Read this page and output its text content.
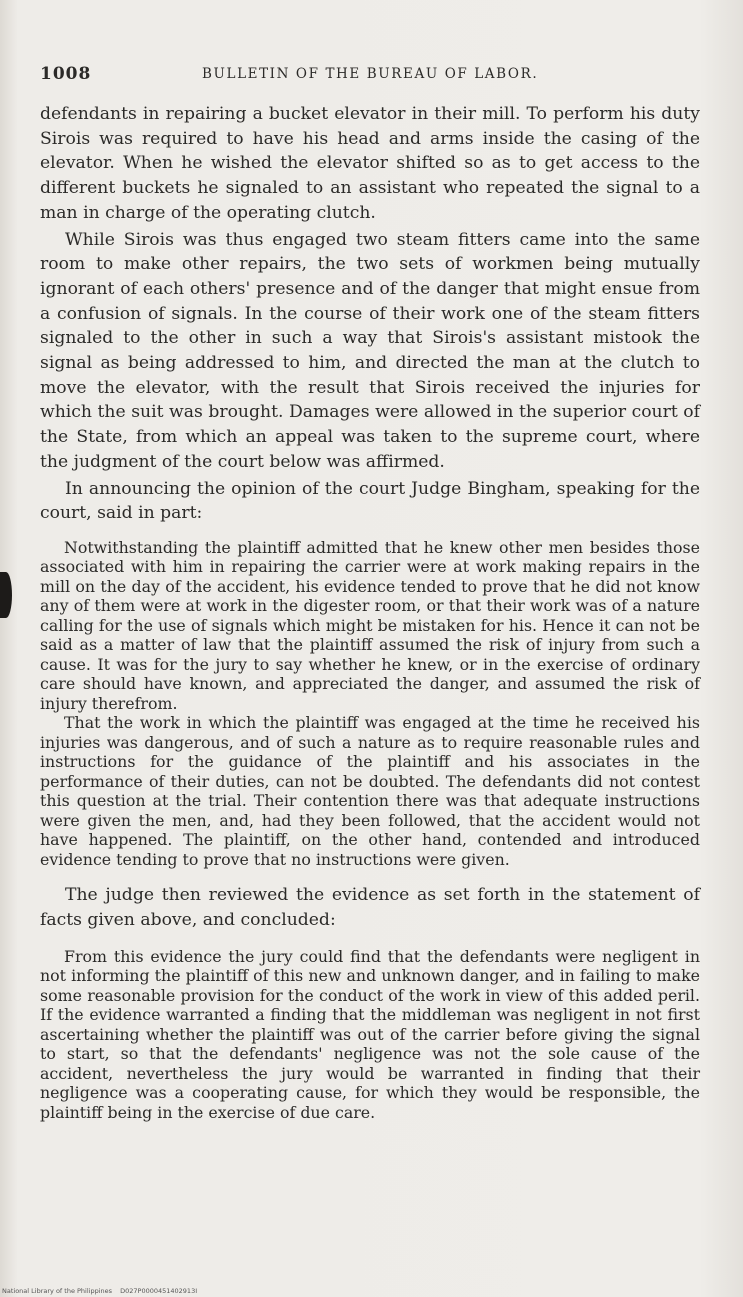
1008	BULLETIN OF THE BUREAU OF LABOR.

defendants in repairing a bucket elevator in their mill. To perform his duty Sirois was required to have his head and arms inside the casing of the elevator. When he wished the elevator shifted so as to get access to the different buckets he signaled to an assistant who repeated the signal to a man in charge of the operating clutch.

While Sirois was thus engaged two steam fitters came into the same room to make other repairs, the two sets of workmen being mutually ignorant of each others' presence and of the danger that might ensue from a confusion of signals. In the course of their work one of the steam fitters signaled to the other in such a way that Sirois's assistant mistook the signal as being addressed to him, and directed the man at the clutch to move the elevator, with the result that Sirois received the injuries for which the suit was brought. Damages were allowed in the superior court of the State, from which an appeal was taken to the supreme court, where the judgment of the court below was affirmed.

In announcing the opinion of the court Judge Bingham, speaking for the court, said in part:

Notwithstanding the plaintiff admitted that he knew other men besides those associated with him in repairing the carrier were at work making repairs in the mill on the day of the accident, his evidence tended to prove that he did not know any of them were at work in the digester room, or that their work was of a nature calling for the use of signals which might be mistaken for his. Hence it can not be said as a matter of law that the plaintiff assumed the risk of injury from such a cause. It was for the jury to say whether he knew, or in the exercise of ordinary care should have known, and appreciated the danger, and assumed the risk of injury therefrom.

That the work in which the plaintiff was engaged at the time he received his injuries was dangerous, and of such a nature as to require reasonable rules and instructions for the guidance of the plaintiff and his associates in the performance of their duties, can not be doubted. The defendants did not contest this question at the trial. Their contention there was that adequate instructions were given the men, and, had they been followed, that the accident would not have happened. The plaintiff, on the other hand, contended and introduced evidence tending to prove that no instructions were given.

The judge then reviewed the evidence as set forth in the statement of facts given above, and concluded:

From this evidence the jury could find that the defendants were negligent in not informing the plaintiff of this new and unknown danger, and in failing to make some reasonable provision for the conduct of the work in view of this added peril. If the evidence warranted a finding that the middleman was negligent in not first ascertaining whether the plaintiff was out of the carrier before giving the signal to start, so that the defendants' negligence was not the sole cause of the accident, nevertheless the jury would be warranted in finding that their negligence was a cooperating cause, for which they would be responsible, the plaintiff being in the exercise of due care.

National Library of the Philippines D027P0000451402913I
